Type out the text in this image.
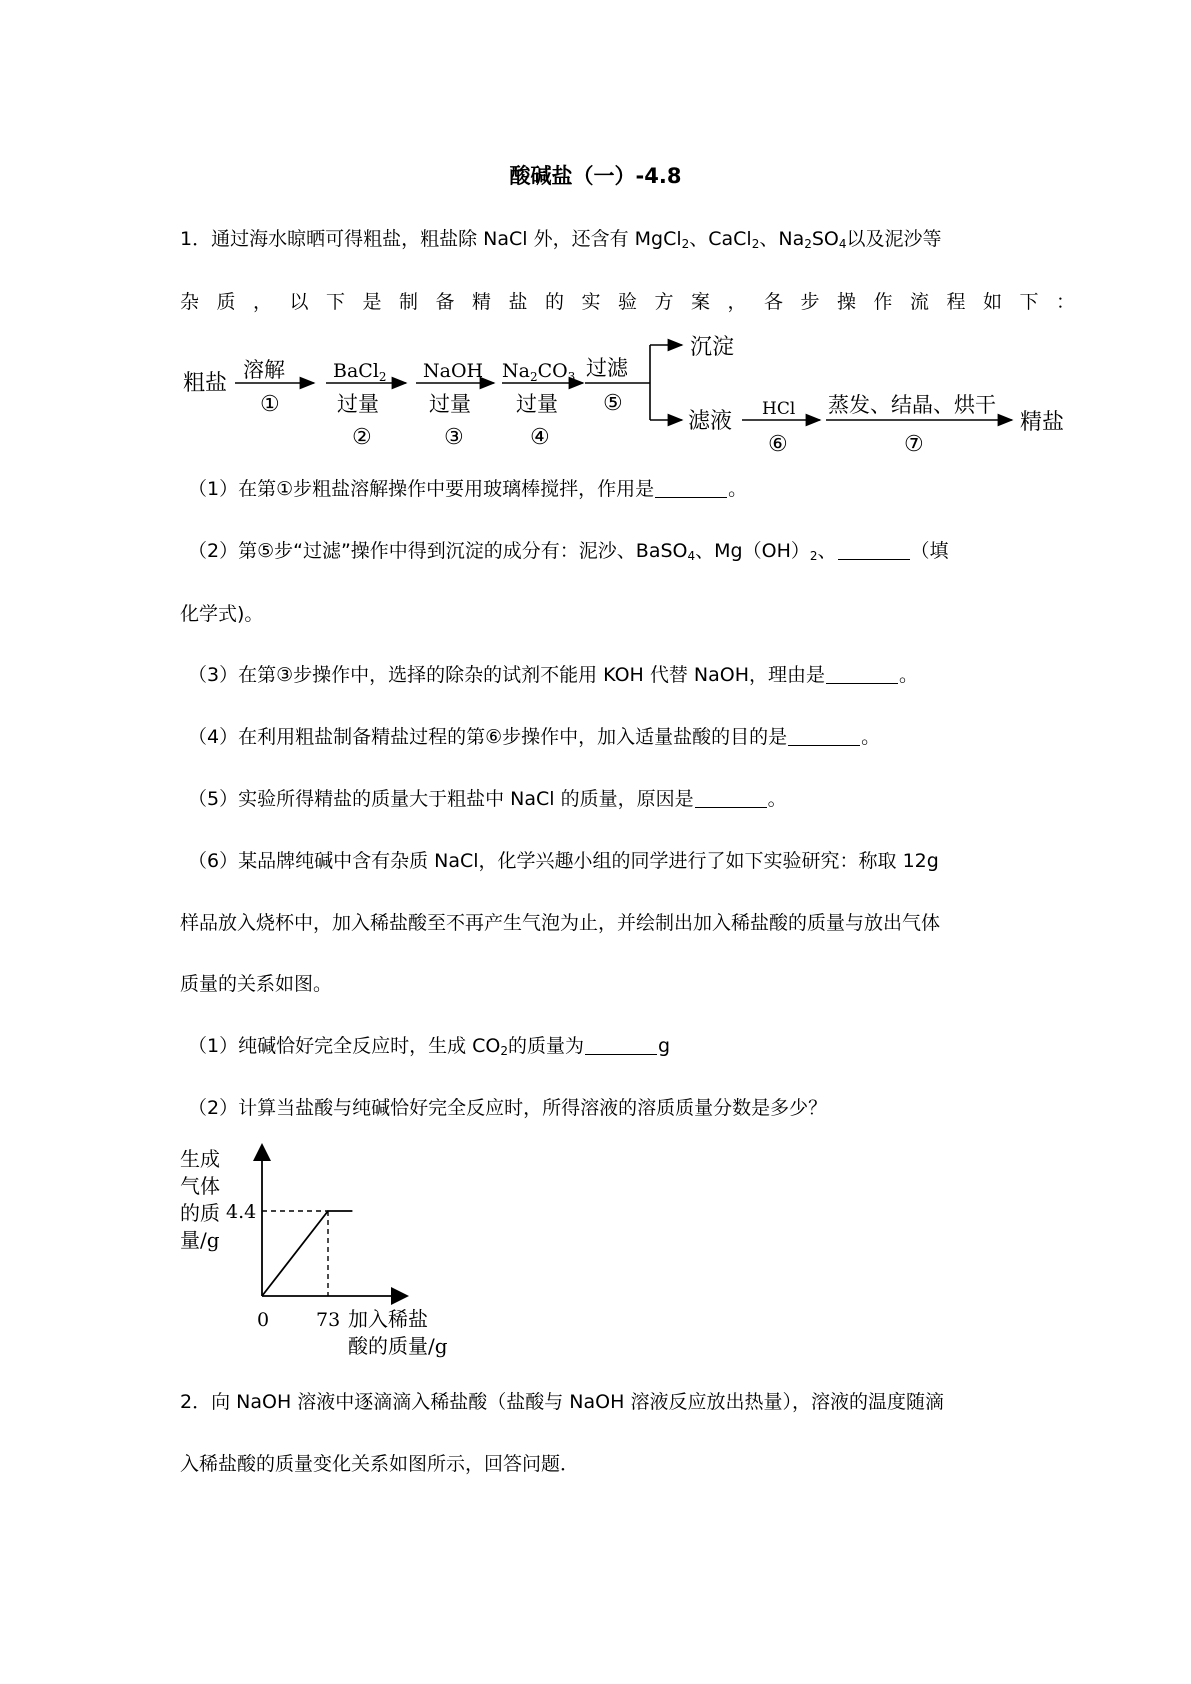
酸碱盐（一）-4.8
1．通过海水晾晒可得粗盐，粗盐除 NaCl 外，还含有 MgCl$_2$、CaCl$_2$、$Na_2SO_4$以及泥沙等
杂质，以下是制备精盐的实验方案，各步操作流程如下：
粗盐
溶解
①
BaCl$_2$
过量
②
NaOH
过量
③
$Na_2CO_3$
过量
④
过滤
⑤
沉淀
滤液 HCl
⑥
蒸发、结晶、烘干
⑦
精盐
（1）在第①步粗盐溶解操作中要用玻璃棒搅拌，作用是	。
（2）第⑤步“过滤”操作中得到沉淀的成分有：泥沙、BaSO$_4$、$Mg(OH)_2$、	（填
化学式)。
（3）在第③步操作中，选择的除杂的试剂不能用 KOH 代替 NaOH，理由是	。
（4）在利用粗盐制备精盐过程的第⑥步操作中，加入适量盐酸的目的是	。
（5）实验所得精盐的质量大于粗盐中 NaCl 的质量，原因是	。
（6）某品牌纯碱中含有杂质 NaCl，化学兴趣小组的同学进行了如下实验研究：称取 12g
样品放入烧杯中，加入稀盐酸至不再产生气泡为止，并绘制出加入稀盐酸的质量与放出气体
质量的关系如图。
（1）纯碱恰好完全反应时，生成 $CO_2$的质量为	g
（2）计算当盐酸与纯碱恰好完全反应时，所得溶液的溶质质量分数是多少？
生成
气体
的质
量/g
4.4
0 73 加入稀盐
酸的质量/g
2．向 NaOH 溶液中逐滴滴入稀盐酸（盐酸与 NaOH 溶液反应放出热量），溶液的温度随滴
入稀盐酸的质量变化关系如图所示，回答问题．
